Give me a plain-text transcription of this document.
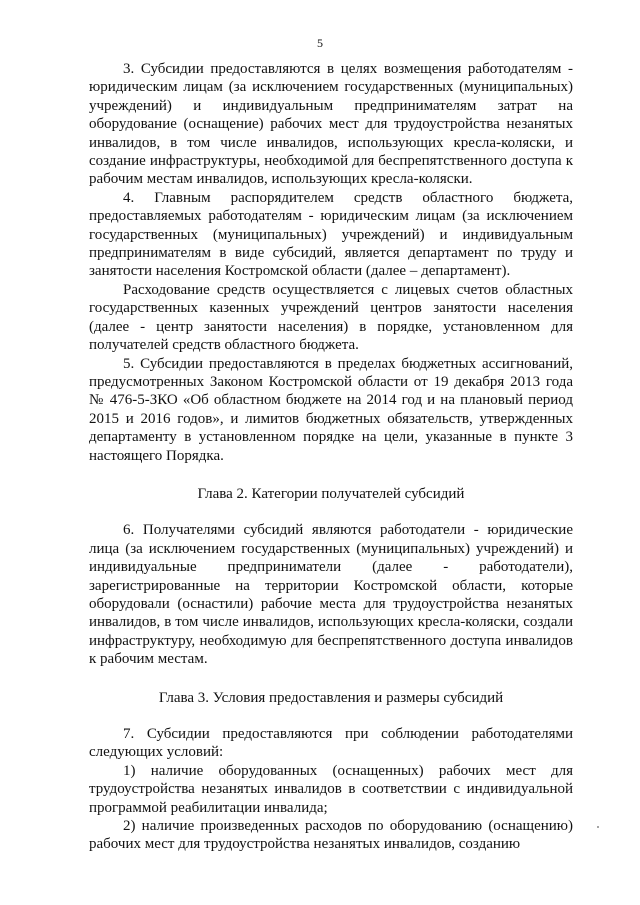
5

3. Субсидии предоставляются в целях возмещения работодателям - юридическим лицам (за исключением государственных (муниципальных) учреждений) и индивидуальным предпринимателям затрат на оборудование (оснащение) рабочих мест для трудоустройства незанятых инвалидов, в том числе инвалидов, использующих кресла-коляски, и создание инфраструктуры, необходимой для беспрепятственного доступа к рабочим местам инвалидов, использующих кресла-коляски.

4. Главным распорядителем средств областного бюджета, предоставляемых работодателям - юридическим лицам (за исключением государственных (муниципальных) учреждений) и индивидуальным предпринимателям в виде субсидий, является департамент по труду и занятости населения Костромской области (далее – департамент).

Расходование средств осуществляется с лицевых счетов областных государственных казенных учреждений центров занятости населения (далее - центр занятости населения) в порядке, установленном для получателей средств областного бюджета.

5. Субсидии предоставляются в пределах бюджетных ассигнований, предусмотренных Законом Костромской области от 19 декабря 2013 года № 476-5-ЗКО «Об областном бюджете на 2014 год и на плановый период 2015 и 2016 годов», и лимитов бюджетных обязательств, утвержденных департаменту в установленном порядке на цели, указанные в пункте 3 настоящего Порядка.

Глава 2. Категории получателей субсидий

6. Получателями субсидий являются работодатели - юридические лица (за исключением государственных (муниципальных) учреждений) и индивидуальные предприниматели (далее - работодатели), зарегистрированные на территории Костромской области, которые оборудовали (оснастили) рабочие места для трудоустройства незанятых инвалидов, в том числе инвалидов, использующих кресла-коляски, создали инфраструктуру, необходимую для беспрепятственного доступа инвалидов к рабочим местам.

Глава 3. Условия предоставления и размеры субсидий

7. Субсидии предоставляются при соблюдении работодателями следующих условий:

1) наличие оборудованных (оснащенных) рабочих мест для трудоустройства незанятых инвалидов в соответствии с индивидуальной программой реабилитации инвалида;

2) наличие произведенных расходов по оборудованию (оснащению) рабочих мест для трудоустройства незанятых инвалидов, созданию
